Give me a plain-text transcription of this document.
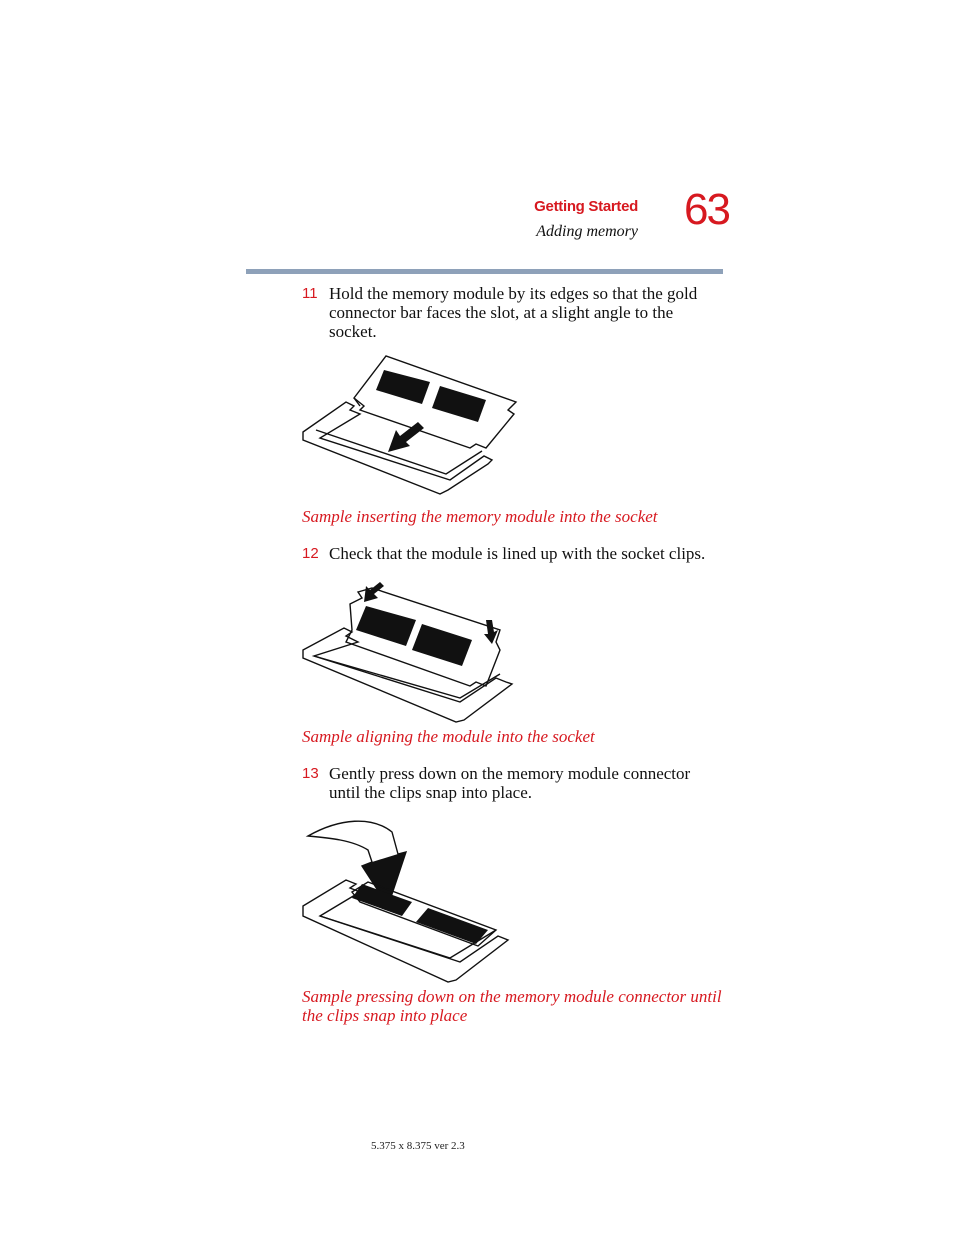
Getting Started
Adding memory 63
11 Hold the memory module by its edges so that the gold connector bar faces the slot, at a slight angle to the socket.
Sample inserting the memory module into the socket
12 Check that the module is lined up with the socket clips.
Sample aligning the module into the socket
13 Gently press down on the memory module connector until the clips snap into place.
Sample pressing down on the memory module connector until the clips snap into place
5.375 x 8.375 ver 2.3
